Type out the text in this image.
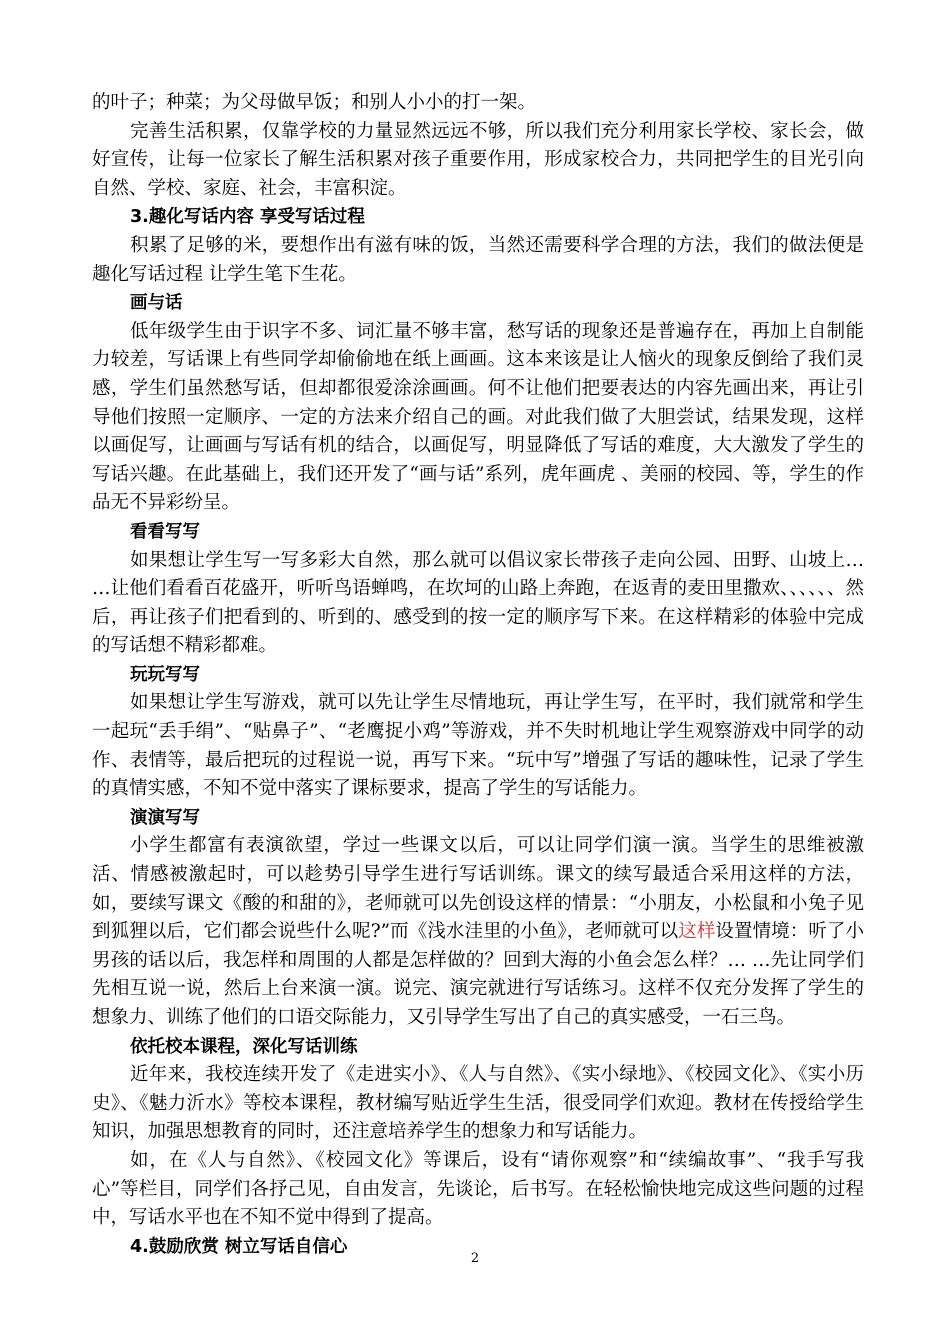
的叶子；种菜；为父母做早饭；和别人小小的打一架。

完善生活积累，仅靠学校的力量显然远远不够，所以我们充分利用家长学校、家长会，做好宣传，让每一位家长了解生活积累对孩子重要作用，形成家校合力，共同把学生的目光引向自然、学校、家庭、社会，丰富积淀。

3.趣化写话内容 享受写话过程

积累了足够的米，要想作出有滋有味的饭，当然还需要科学合理的方法，我们的做法便是趣化写话过程 让学生笔下生花。

画与话

低年级学生由于识字不多、词汇量不够丰富，愁写话的现象还是普遍存在，再加上自制能力较差，写话课上有些同学却偷偷地在纸上画画。这本来该是让人恼火的现象反倒给了我们灵感，学生们虽然愁写话，但却都很爱涂涂画画。何不让他们把要表达的内容先画出来，再让引导他们按照一定顺序、一定的方法来介绍自己的画。对此我们做了大胆尝试，结果发现，这样以画促写，让画画与写话有机的结合，以画促写，明显降低了写话的难度，大大激发了学生的写话兴趣。在此基础上，我们还开发了“画与话”系列，虎年画虎 、美丽的校园、等，学生的作品无不异彩纷呈。

看看写写

如果想让学生写一写多彩大自然，那么就可以倡议家长带孩子走向公园、田野、山坡上… …让他们看看百花盛开，听听鸟语蝉鸣，在坎坷的山路上奔跑，在返青的麦田里撒欢、、、、、、然后，再让孩子们把看到的、听到的、感受到的按一定的顺序写下来。在这样精彩的体验中完成的写话想不精彩都难。

玩玩写写

如果想让学生写游戏，就可以先让学生尽情地玩，再让学生写，在平时，我们就常和学生一起玩“丢手绢”、“贴鼻子”、“老鹰捉小鸡”等游戏，并不失时机地让学生观察游戏中同学的动作、表情等，最后把玩的过程说一说，再写下来。“玩中写”增强了写话的趣味性，记录了学生的真情实感，不知不觉中落实了课标要求，提高了学生的写话能力。

演演写写

小学生都富有表演欲望，学过一些课文以后，可以让同学们演一演。当学生的思维被激活、情感被激起时，可以趁势引导学生进行写话训练。课文的续写最适合采用这样的方法，如，要续写课文《酸的和甜的》，老师就可以先创设这样的情景：“小朋友，小松鼠和小兔子见到狐狸以后，它们都会说些什么呢?”而《浅水洼里的小鱼》，老师就可以这样设置情境：听了小男孩的话以后，我怎样和周围的人都是怎样做的？回到大海的小鱼会怎么样？… …先让同学们先相互说一说，然后上台来演一演。说完、演完就进行写话练习。这样不仅充分发挥了学生的想象力、训练了他们的口语交际能力，又引导学生写出了自己的真实感受，一石三鸟。

依托校本课程，深化写话训练

近年来，我校连续开发了《走进实小》、《人与自然》、《实小绿地》、《校园文化》、《实小历史》、《魅力沂水》等校本课程，教材编写贴近学生生活，很受同学们欢迎。教材在传授给学生知识，加强思想教育的同时，还注意培养学生的想象力和写话能力。

如，在《人与自然》、《校园文化》等课后，设有“请你观察”和“续编故事”、“我手写我心”等栏目，同学们各抒己见，自由发言，先谈论，后书写。在轻松愉快地完成这些问题的过程中，写话水平也在不知不觉中得到了提高。

4.鼓励欣赏 树立写话自信心

2
